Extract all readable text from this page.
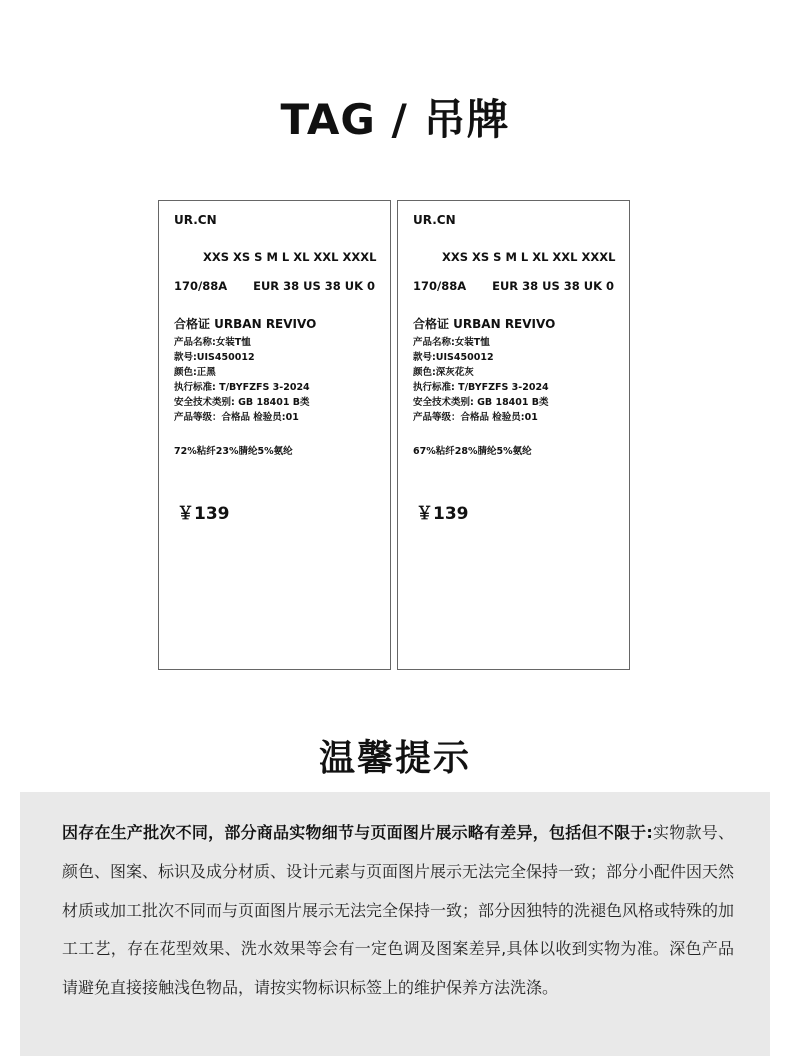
TAG / 吊牌
UR.CN
XXS XS S M L XL XXL XXXL
170/88A EUR 38 US 38 UK 0
合格证 URBAN REVIVO
产品名称:女装T恤
款号:UIS450012
颜色:正黑
执行标准: T/BYFZFS 3-2024
安全技术类别: GB 18401 B类
产品等级：合格品 检验员:01
72%粘纤23%腈纶5%氨纶
￥139
UR.CN
XXS XS S M L XL XXL XXXL
170/88A EUR 38 US 38 UK 0
合格证 URBAN REVIVO
产品名称:女装T恤
款号:UIS450012
颜色:深灰花灰
执行标准: T/BYFZFS 3-2024
安全技术类别: GB 18401 B类
产品等级：合格品 检验员:01
67%粘纤28%腈纶5%氨纶
￥139
温馨提示
因存在生产批次不同，部分商品实物细节与页面图片展示略有差异，包括但不限于:实物款号、颜色、图案、标识及成分材质、设计元素与页面图片展示无法完全保持一致；部分小配件因天然材质或加工批次不同而与页面图片展示无法完全保持一致；部分因独特的洗褪色风格或特殊的加工工艺，存在花型效果、洗水效果等会有一定色调及图案差异,具体以收到实物为准。深色产品请避免直接接触浅色物品，请按实物标识标签上的维护保养方法洗涤。
